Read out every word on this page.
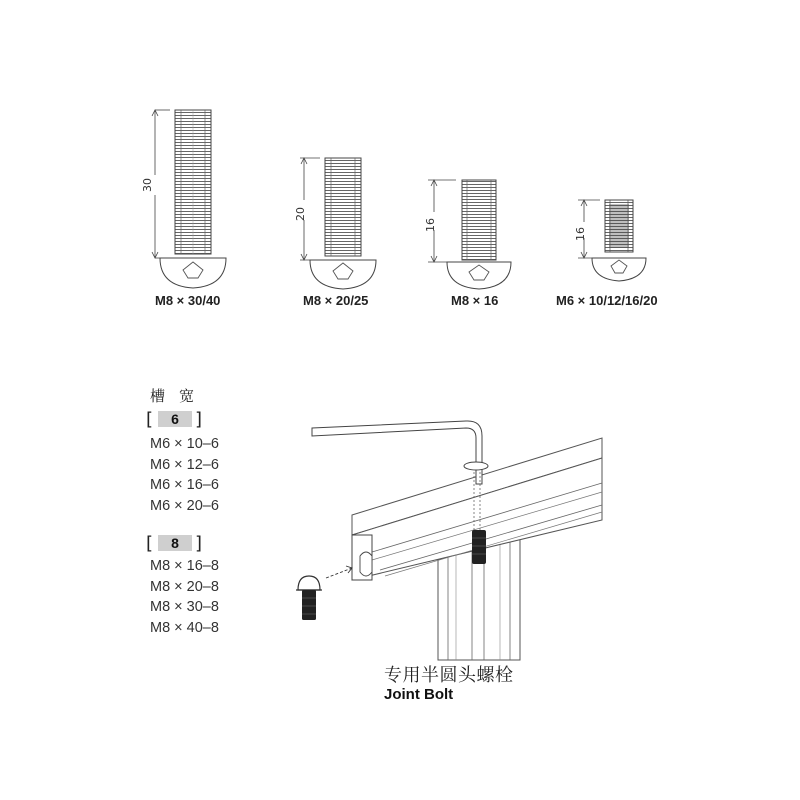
30
20
16
16
M8 × 30/40	M8 × 20/25	M8 × 16	M6 × 10/12/16/20
槽宽
[	6 ]
M6 × 10–6
M6 × 12–6
M6 × 16–6
M6 × 20–6
[	8 ]
M8 × 16–8
M8 × 20–8
M8 × 30–8
M8 × 40–8
专用半圆头螺栓
Joint Bolt
